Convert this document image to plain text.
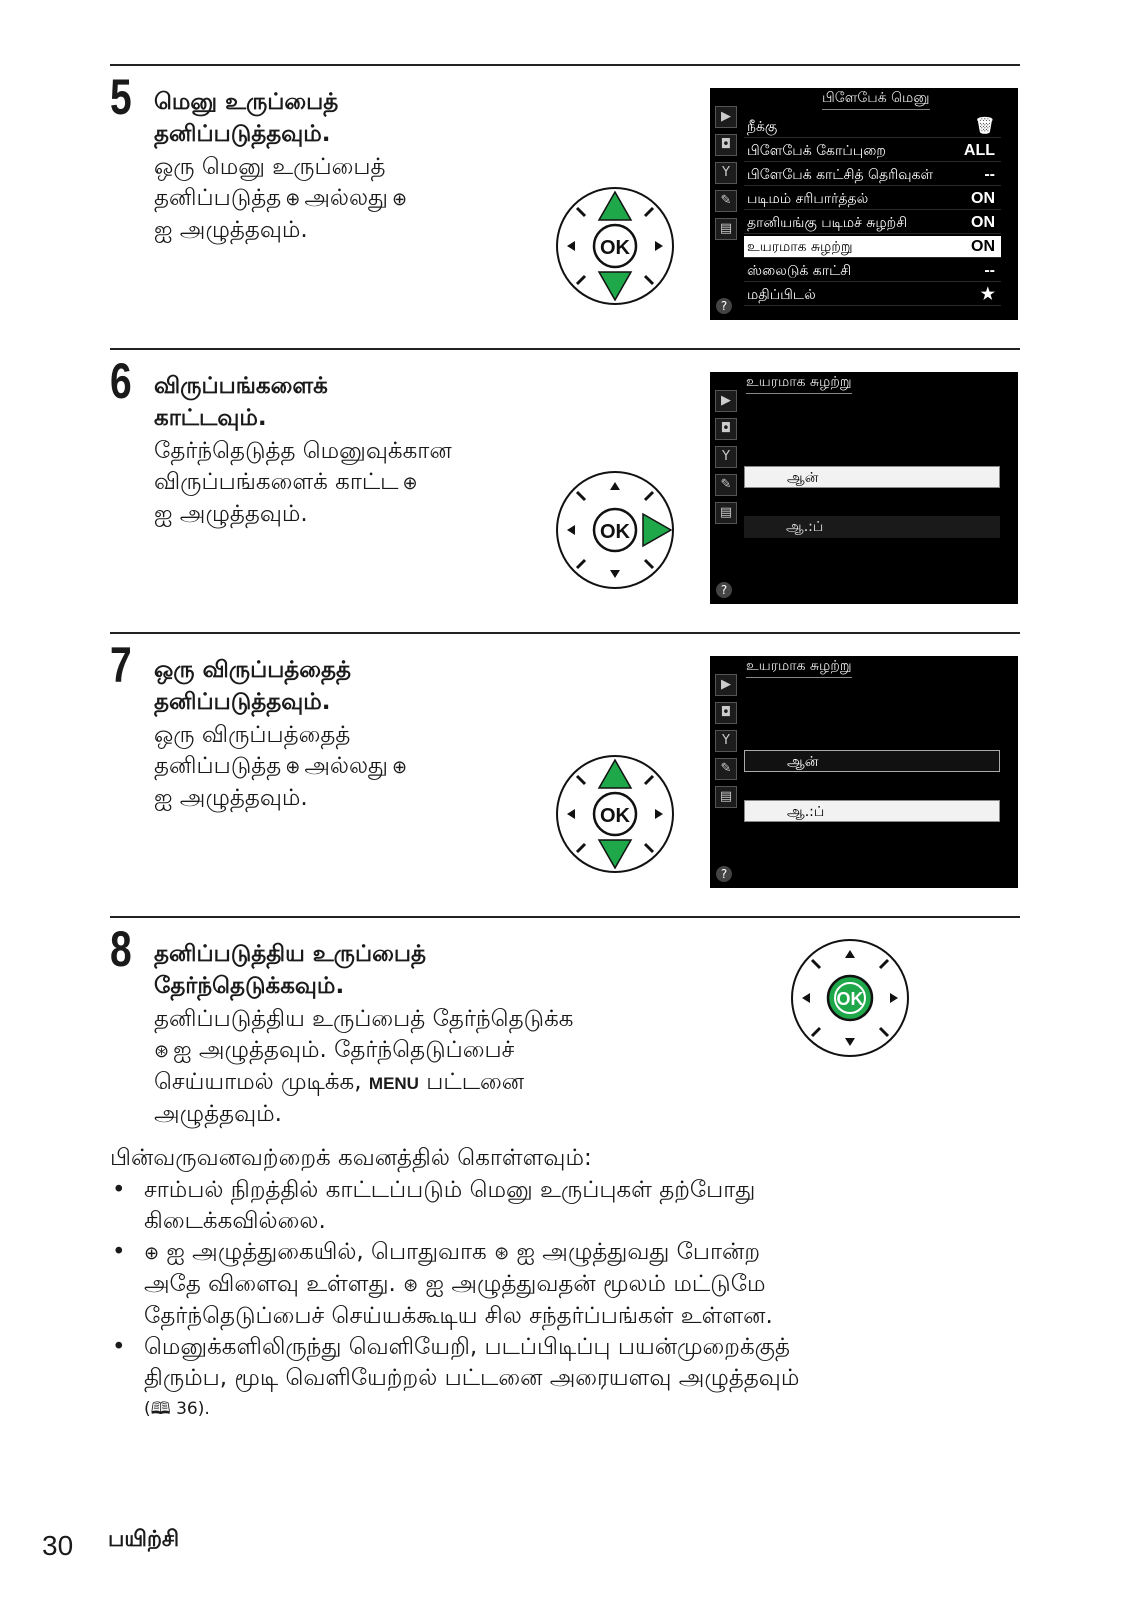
5 மெனு உருப்பைத்
தனிப்படுத்தவும்.
ஒரு மெனு உருப்பைத்
தனிப்படுத்த ⊕ அல்லது ⊕
ஐ அழுத்தவும்.
OK
பிளேபேக் மெனு
▶
◘
Y
✎
▤
நீக்கு	🗑
பிளேபேக் கோப்புறை	ALL
பிளேபேக் காட்சித் தெரிவுகள்	--
படிமம் சரிபார்த்தல்	ON
தானியங்கு படிமச் சுழற்சி	ON
உயரமாக சுழற்று	ON
ஸ்லைடுக் காட்சி	--
மதிப்பிடல்	★
?
6 விருப்பங்களைக்
காட்டவும்.
தேர்ந்தெடுத்த மெனுவுக்கான
விருப்பங்களைக் காட்ட ⊕
ஐ அழுத்தவும்.
OK
உயரமாக சுழற்று
▶
◘
Y
✎
▤
ஆன்
ஆ.:ப்
?
7 ஒரு விருப்பத்தைத்
தனிப்படுத்தவும்.
ஒரு விருப்பத்தைத்
தனிப்படுத்த ⊕ அல்லது ⊕
ஐ அழுத்தவும்.
OK
உயரமாக சுழற்று
▶
◘
Y
✎
▤
ஆன்
ஆ.:ப்
?
8 தனிப்படுத்திய உருப்பைத்
தேர்ந்தெடுக்கவும்.
தனிப்படுத்திய உருப்பைத் தேர்ந்தெடுக்க
⊛ ஐ அழுத்தவும். தேர்ந்தெடுப்பைச்
செய்யாமல் முடிக்க, MENU பட்டனை
அழுத்தவும்.
OK
பின்வருவனவற்றைக் கவனத்தில் கொள்ளவும்:
• சாம்பல் நிறத்தில் காட்டப்படும் மெனு உருப்புகள் தற்போது
கிடைக்கவில்லை.
• ⊕ ஐ அழுத்துகையில், பொதுவாக ⊛ ஐ அழுத்துவது போன்ற
அதே விளைவு உள்ளது. ⊛ ஐ அழுத்துவதன் மூலம் மட்டுமே
தேர்ந்தெடுப்பைச் செய்யக்கூடிய சில சந்தர்ப்பங்கள் உள்ளன.
• மெனுக்களிலிருந்து வெளியேறி, படப்பிடிப்பு பயன்முறைக்குத்
திரும்ப, மூடி வெளியேற்றல் பட்டனை அரையளவு அழுத்தவும்
(🕮 36).
30 பயிற்சி
